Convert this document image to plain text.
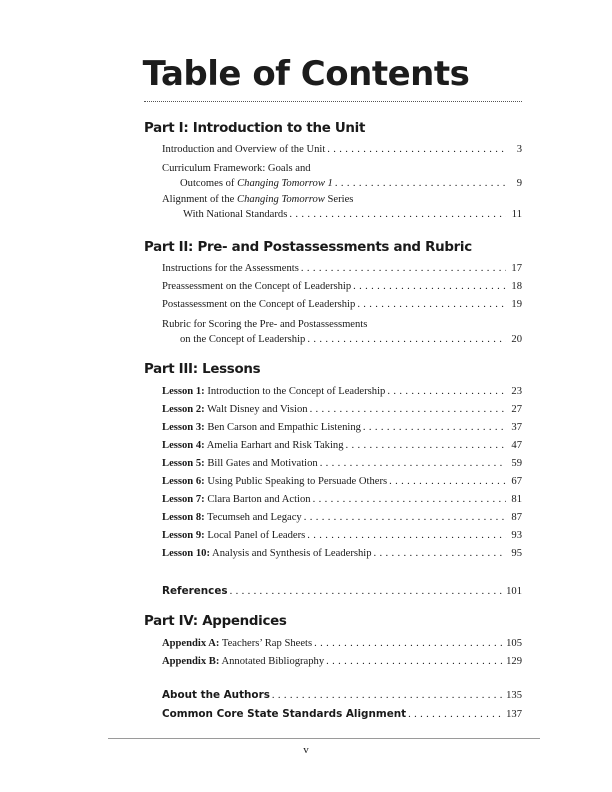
Table of Contents
Part I: Introduction to the Unit
Introduction and Overview of the Unit . . .	3
Curriculum Framework: Goals and
Outcomes of Changing Tomorrow 1 . . .	9
Alignment of the Changing Tomorrow Series
With National Standards . . .	11
Part II: Pre- and Postassessments and Rubric
Instructions for the Assessments . . .	17
Preassessment on the Concept of Leadership . . .	18
Postassessment on the Concept of Leadership . . .	19
Rubric for Scoring the Pre- and Postassessments
on the Concept of Leadership . . .	20
Part III: Lessons
Lesson 1: Introduction to the Concept of Leadership . . .	23
Lesson 2: Walt Disney and Vision . . .	27
Lesson 3: Ben Carson and Empathic Listening . . .	37
Lesson 4: Amelia Earhart and Risk Taking . . .	47
Lesson 5: Bill Gates and Motivation . . .	59
Lesson 6: Using Public Speaking to Persuade Others . . .	67
Lesson 7: Clara Barton and Action . . .	81
Lesson 8: Tecumseh and Legacy . . .	87
Lesson 9: Local Panel of Leaders . . .	93
Lesson 10: Analysis and Synthesis of Leadership . . .	95
References . . .	101
Part IV: Appendices
Appendix A: Teachers’ Rap Sheets . . .	105
Appendix B: Annotated Bibliography . . .	129
About the Authors . . .	135
Common Core State Standards Alignment . . .	137
v
